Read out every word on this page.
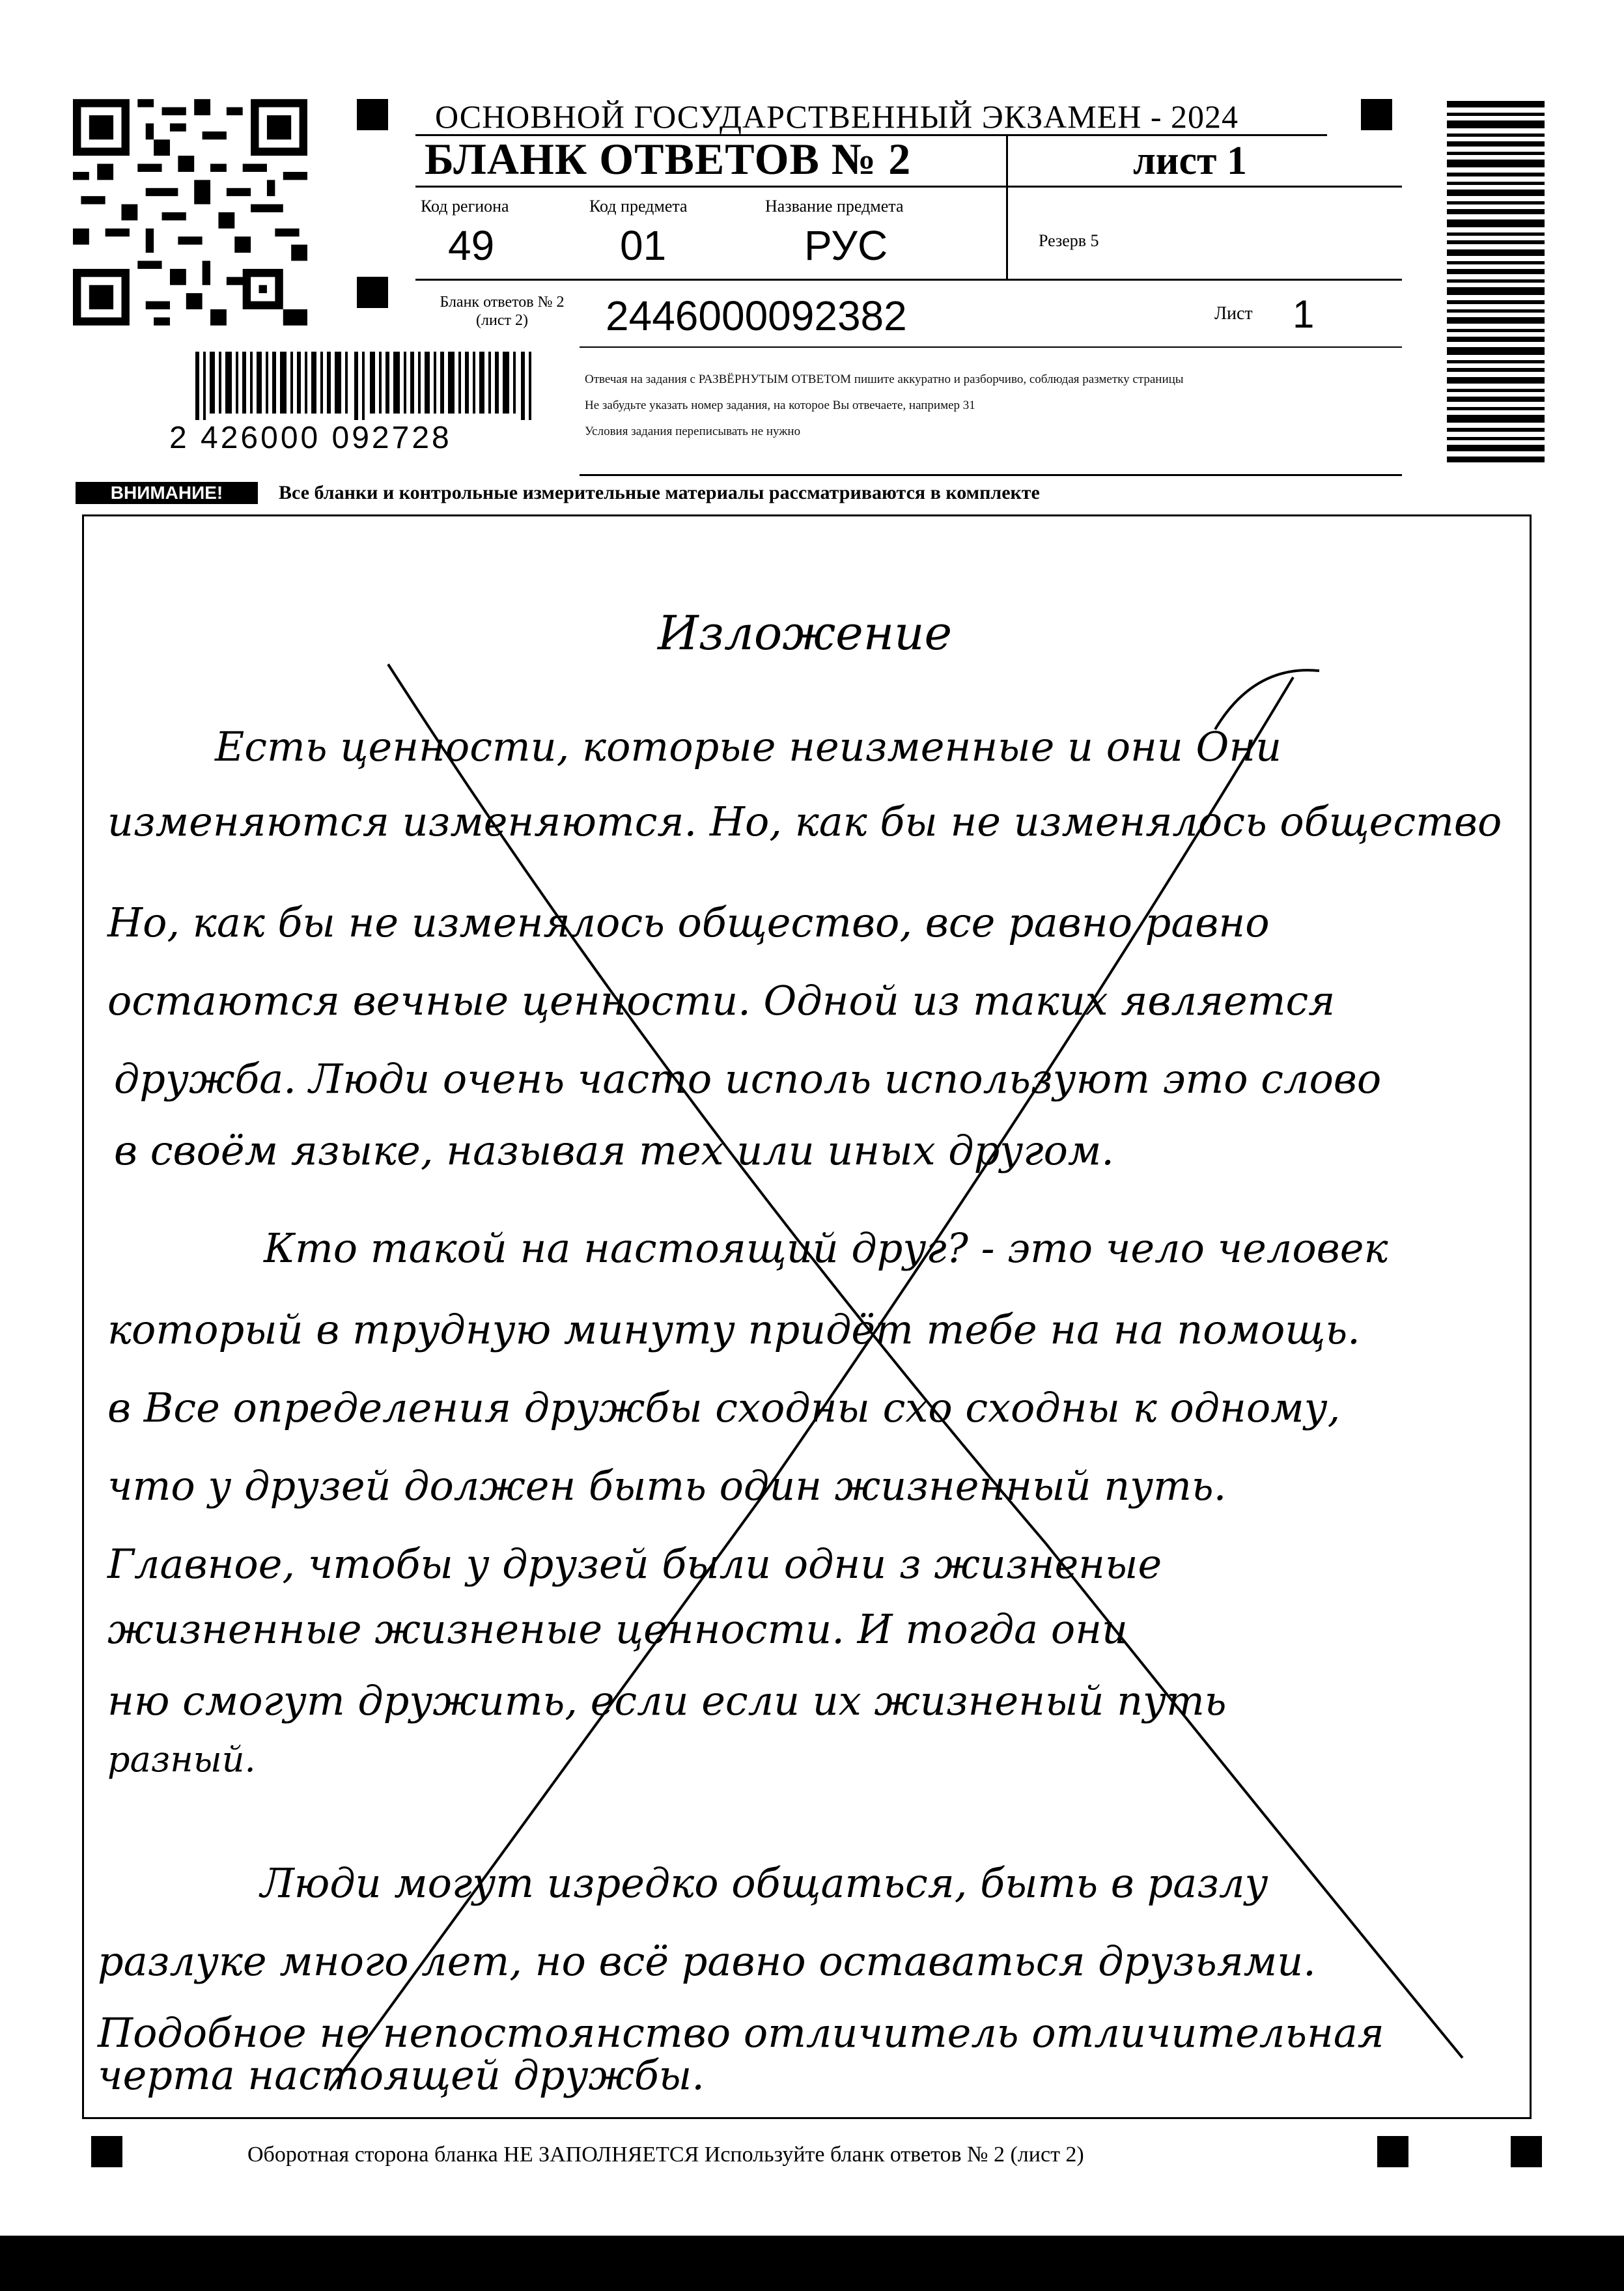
2 426000 092728
ОСНОВНОЙ ГОСУДАРСТВЕННЫЙ ЭКЗАМЕН - 2024
БЛАНК ОТВЕТОВ № 2	лист 1
Код региона
49
Код предмета
01
Название предмета
РУС	Резерв 5
Бланк ответов № 2
(лист 2)	2446000092382	Лист 1
Отвечая на задания с РАЗВЁРНУТЫМ ОТВЕТОМ пишите аккуратно и разборчиво, соблюдая разметку страницы
Не забудьте указать номер задания, на которое Вы отвечаете, например 31
Условия задания переписывать не нужно
ВНИМАНИЕ!	Все бланки и контрольные измерительные материалы рассматриваются в комплекте
Изложение
Есть ценности, которые неизменные и они Они
изменяются изменяются. Но, как бы не изменялось общество
Но, как бы не изменялось общество, все равно равно
остаются вечные ценности. Одной из таких является
дружба. Люди очень часто исполь используют это слово
в своём языке, называя тех или иных другом.
Кто такой на настоящий друг? - это чело человек
который в трудную минуту придёт тебе на на помощь.
в Все определения дружбы сходны схо сходны к одному,
что у друзей должен быть один жизненный путь.
Главное, чтобы у друзей были одни з жизненые
жизненные жизненые ценности. И тогда они
ню смогут дружить, если если их жизненый путь
разный.
Люди могут изредко общаться, быть в разлу
разлуке много лет, но всё равно оставаться друзьями.
Подобное не непостоянство отличитель отличительная
черта настоящей дружбы.
Оборотная сторона бланка НЕ ЗАПОЛНЯЕТСЯ Используйте бланк ответов № 2 (лист 2)
